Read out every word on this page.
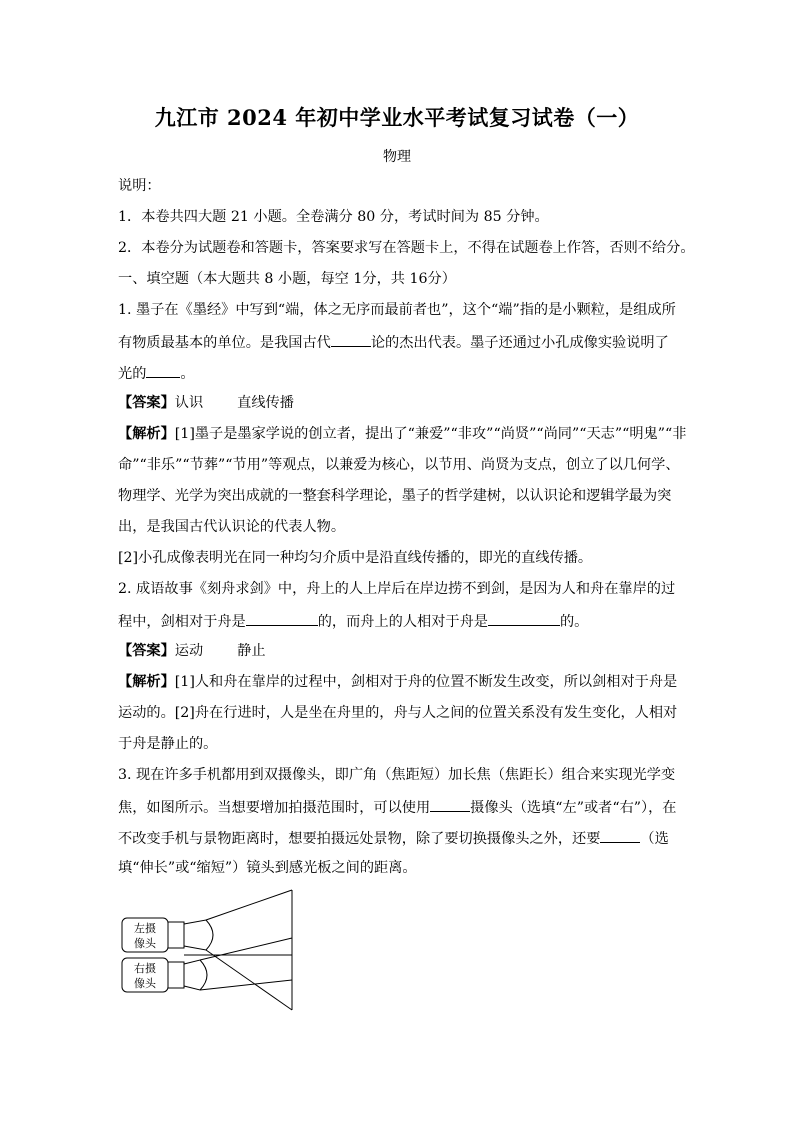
九江市 2024 年初中学业水平考试复习试卷（一）
物理
说明：
1．本卷共四大题 21 小题。全卷满分 80 分，考试时间为 85 分钟。
2．本卷分为试题卷和答题卡，答案要求写在答题卡上，不得在试题卷上作答，否则不给分。
一、填空题（本大题共 8 小题，每空 1分，共 16分）
1. 墨子在《墨经》中写到“端，体之无序而最前者也”，这个“端”指的是小颗粒，是组成所
有物质最基本的单位。是我国古代	论的杰出代表。墨子还通过小孔成像实验说明了
光的 。
【答案】认识 直线传播
【解析】[1]墨子是墨家学说的创立者，提出了“兼爱”“非攻”“尚贤”“尚同”“天志”“明鬼”“非
命”“非乐”“节葬”“节用”等观点，以兼爱为核心，以节用、尚贤为支点，创立了以几何学、
物理学、光学为突出成就的一整套科学理论，墨子的哲学建树，以认识论和逻辑学最为突
出，是我国古代认识论的代表人物。
[2]小孔成像表明光在同一种均匀介质中是沿直线传播的，即光的直线传播。
2. 成语故事《刻舟求剑》中，舟上的人上岸后在岸边捞不到剑，是因为人和舟在靠岸的过
程中，剑相对于舟是	的，而舟上的人相对于舟是	的。
【答案】运动 静止
【解析】[1]人和舟在靠岸的过程中，剑相对于舟的位置不断发生改变，所以剑相对于舟是
运动的。[2]舟在行进时，人是坐在舟里的，舟与人之间的位置关系没有发生变化，人相对
于舟是静止的。
3. 现在许多手机都用到双摄像头，即广角（焦距短）加长焦（焦距长）组合来实现光学变
焦，如图所示。当想要增加拍摄范围时，可以使用	摄像头（选填“左”或者“右”），在
不改变手机与景物距离时，想要拍摄远处景物，除了要切换摄像头之外，还要	（选
填“伸长”或“缩短”）镜头到感光板之间的距离。
左摄
像头
右摄
像头
